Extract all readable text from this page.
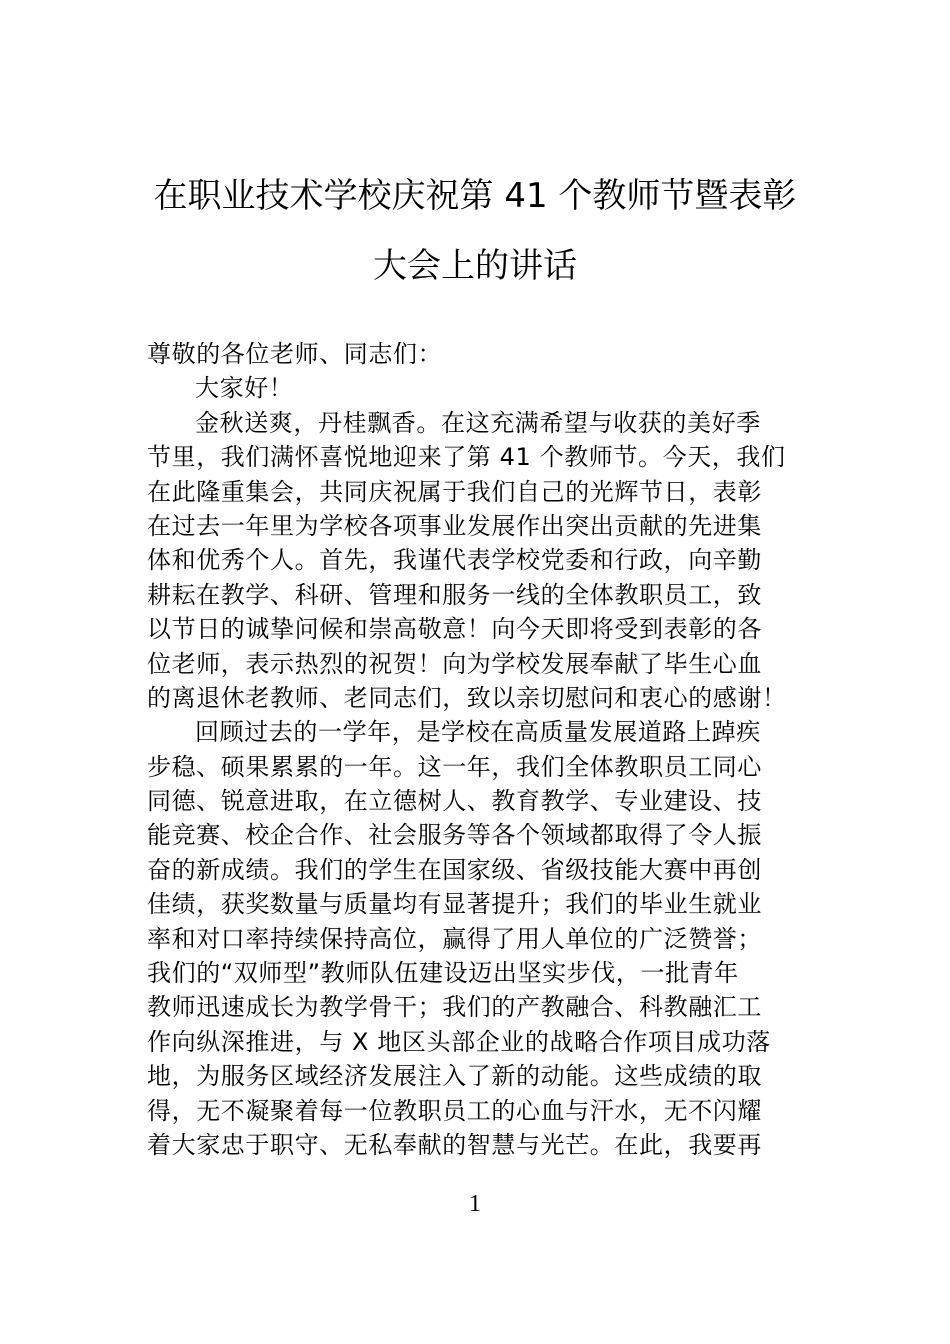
在职业技术学校庆祝第 41 个教师节暨表彰
大会上的讲话
尊敬的各位老师、同志们：
大家好！
金秋送爽，丹桂飘香。在这充满希望与收获的美好季
节里，我们满怀喜悦地迎来了第 41 个教师节。今天，我们
在此隆重集会，共同庆祝属于我们自己的光辉节日，表彰
在过去一年里为学校各项事业发展作出突出贡献的先进集
体和优秀个人。首先，我谨代表学校党委和行政，向辛勤
耕耘在教学、科研、管理和服务一线的全体教职员工，致
以节日的诚挚问候和崇高敬意！向今天即将受到表彰的各
位老师，表示热烈的祝贺！向为学校发展奉献了毕生心血
的离退休老教师、老同志们，致以亲切慰问和衷心的感谢！
回顾过去的一学年，是学校在高质量发展道路上踔疾
步稳、硕果累累的一年。这一年，我们全体教职员工同心
同德、锐意进取，在立德树人、教育教学、专业建设、技
能竞赛、校企合作、社会服务等各个领域都取得了令人振
奋的新成绩。我们的学生在国家级、省级技能大赛中再创
佳绩，获奖数量与质量均有显著提升；我们的毕业生就业
率和对口率持续保持高位，赢得了用人单位的广泛赞誉；
我们的“双师型”教师队伍建设迈出坚实步伐，一批青年
教师迅速成长为教学骨干；我们的产教融合、科教融汇工
作向纵深推进，与 X 地区头部企业的战略合作项目成功落
地，为服务区域经济发展注入了新的动能。这些成绩的取
得，无不凝聚着每一位教职员工的心血与汗水，无不闪耀
着大家忠于职守、无私奉献的智慧与光芒。在此，我要再
1
